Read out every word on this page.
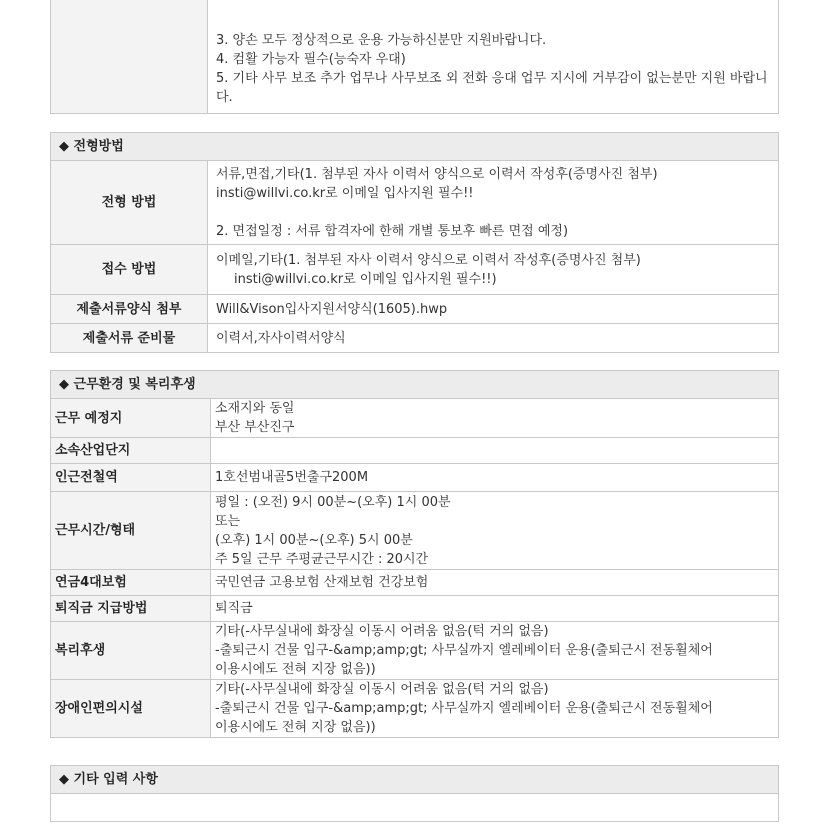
3. 양손 모두 정상적으로 운용 가능하신분만 지원바랍니다.
4. 컴활 가능자 필수(능숙자 우대)
5. 기타 사무 보조 추가 업무나 사무보조 외 전화 응대 업무 지시에 거부감이 없는분만 지원 바랍니다.
◆ 전형방법	
전형 방법	서류,면접,기타(1. 첨부된 자사 이력서 양식으로 이력서 작성후(증명사진 첨부)
insti@willvi.co.kr로 이메일 입사지원 필수!!
2. 면접일정 : 서류 합격자에 한해 개별 통보후 빠른 면접 예정)

접수 방법	이메일,기타(1. 첨부된 자사 이력서 양식으로 이력서 작성후(증명사진 첨부)
insti@willvi.co.kr로 이메일 입사지원 필수!!)

제출서류양식 첨부	Will&Vison입사지원서양식(1605).hwp
제출서류 준비물	이력서,자사이력서양식
◆ 근무환경 및 복리후생	
근무 예정지	소재지와 동일
부산 부산진구

소속산업단지	
인근전철역	1호선범내골5번출구200M
근무시간/형태	평일 : (오전) 9시 00분~(오후) 1시 00분
또는
(오후) 1시 00분~(오후) 5시 00분
주 5일 근무 주평균근무시간 : 20시간

연금4대보험	국민연금 고용보험 산재보험 건강보험
퇴직금 지급방법	퇴직금
복리후생	기타(-사무실내에 화장실 이동시 어려움 없음(턱 거의 없음)
-출퇴근시 건물 입구-&amp;amp;gt; 사무실까지 엘레베이터 운용(출퇴근시 전동휠체어
이용시에도 전혀 지장 없음))

장애인편의시설	기타(-사무실내에 화장실 이동시 어려움 없음(턱 거의 없음)
-출퇴근시 건물 입구-&amp;amp;gt; 사무실까지 엘레베이터 운용(출퇴근시 전동휠체어
이용시에도 전혀 지장 없음))
◆ 기타 입력 사항
